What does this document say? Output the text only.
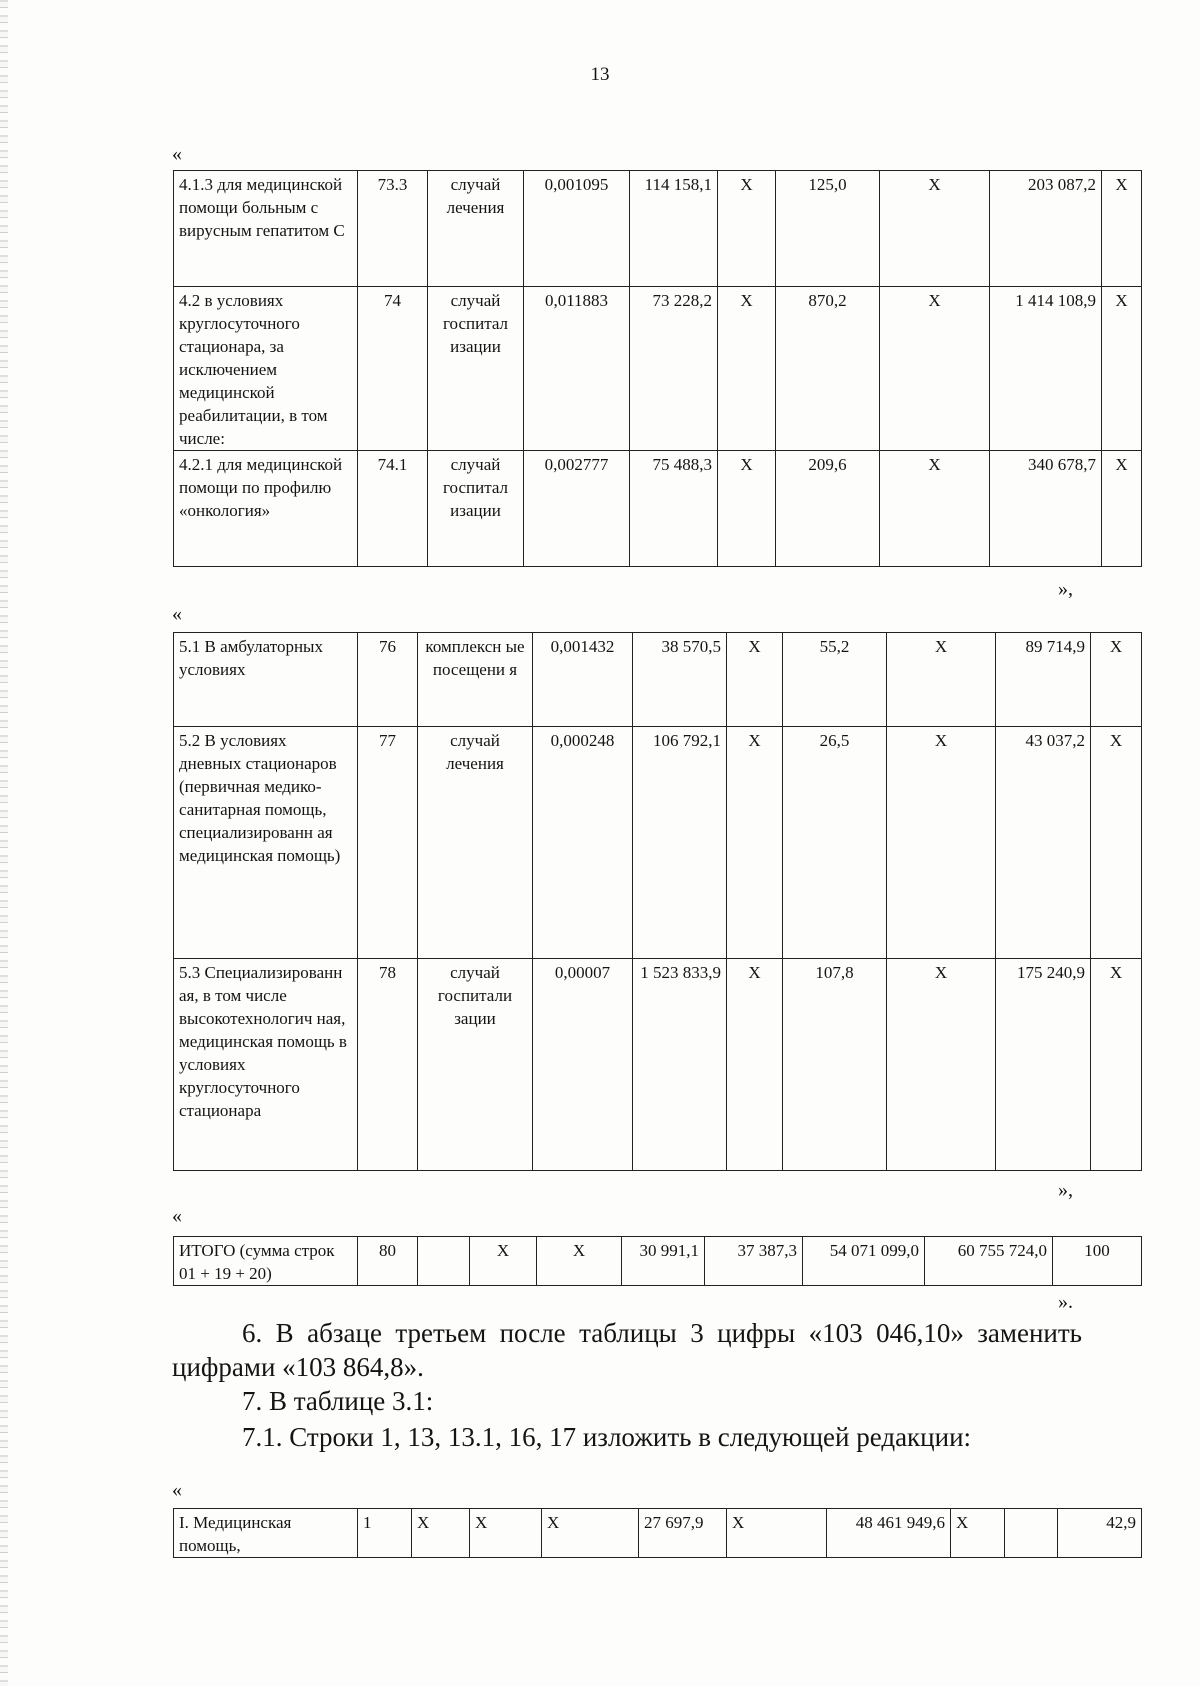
13
«
4.1.3 для медицинской помощи больным с вирусным гепатитом С	73.3	случай лечения	0,001095	114 158,1	Х	125,0	Х	203 087,2	Х
4.2 в условиях круглосуточного стационара, за исключением медицинской реабилитации, в том числе:	74	случай госпитал изации	0,011883	73 228,2	Х	870,2	Х	1 414 108,9	Х
4.2.1 для медицинской помощи по профилю «онкология»	74.1	случай госпитал изации	0,002777	75 488,3	Х	209,6	Х	340 678,7	Х
»,
«
5.1 В амбулаторных условиях	76	комплексн ые посещени я	0,001432	38 570,5	Х	55,2	Х	89 714,9	Х
5.2 В условиях дневных стационаров (первичная медико-санитарная помощь, специализированн ая медицинская помощь)	77	случай лечения	0,000248	106 792,1	Х	26,5	Х	43 037,2	Х
5.3 Специализированн ая, в том числе высокотехнологич ная, медицинская помощь в условиях круглосуточного стационара	78	случай госпитали зации	0,00007	1 523 833,9	Х	107,8	Х	175 240,9	Х
»,
«
ИТОГО (сумма строк 01 + 19 + 20)	80		Х	Х	30 991,1	37 387,3	54 071 099,0	60 755 724,0	100
».
6. В абзаце третьем после таблицы 3 цифры «103 046,10» заменить цифрами «103 864,8».
7. В таблице 3.1:
7.1. Строки 1, 13, 13.1, 16, 17 изложить в следующей редакции:
«
I. Медицинская помощь,	1	Х	Х	Х	27 697,9	Х	48 461 949,6	Х		42,9
